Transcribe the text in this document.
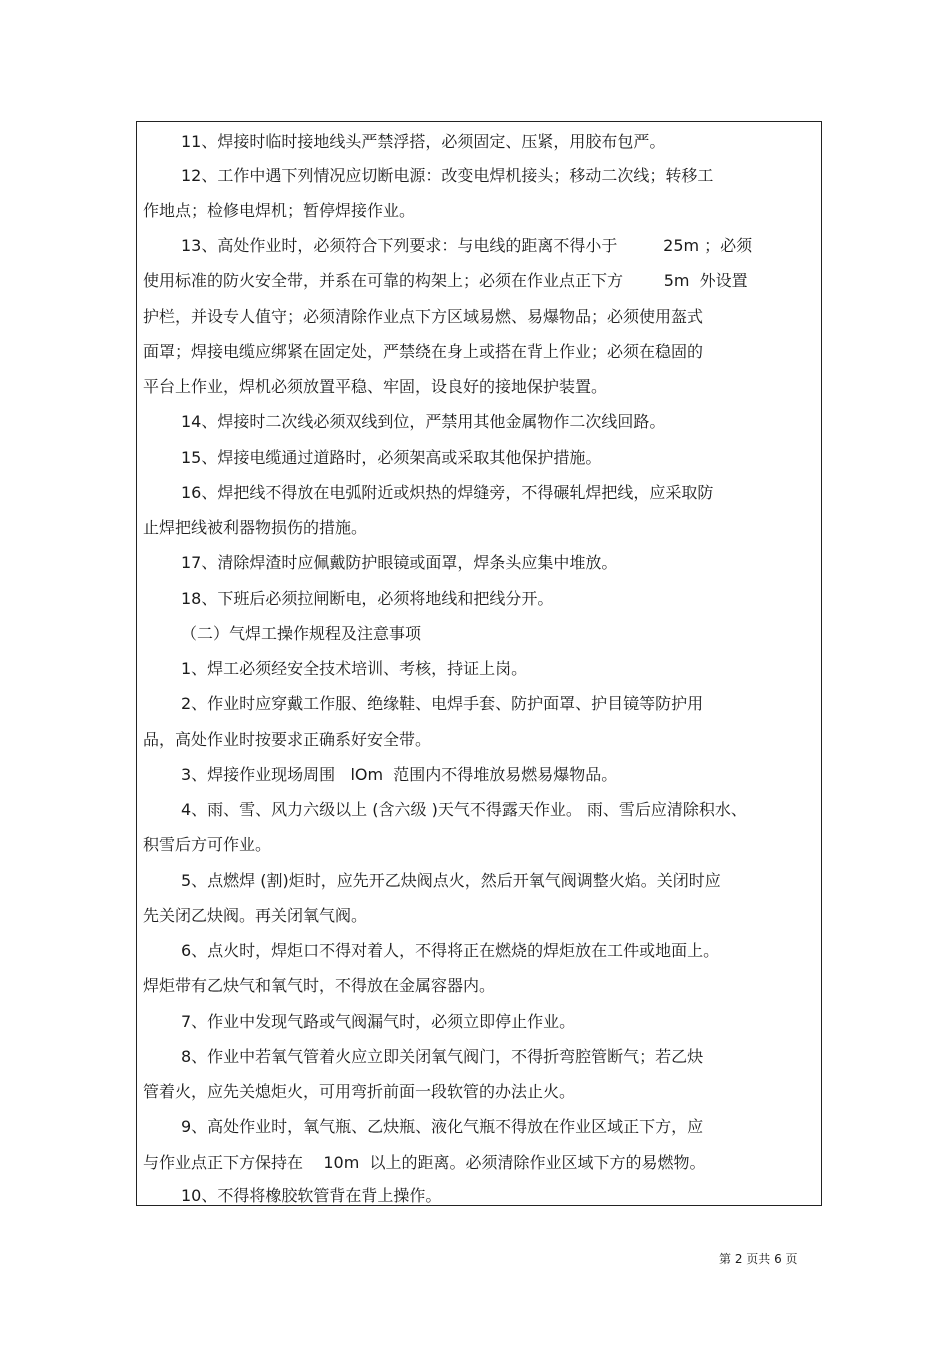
11、焊接时临时接地线头严禁浮搭，必须固定、压紧，用胶布包严。

12、工作中遇下列情况应切断电源：改变电焊机接头；移动二次线；转移工

作地点；检修电焊机；暂停焊接作业。

13、高处作业时，必须符合下列要求：与电线的距离不得小于         25m ；必须

使用标准的防火安全带，并系在可靠的构架上；必须在作业点正下方        5m  外设置

护栏，并设专人值守；必须清除作业点下方区域易燃、易爆物品；必须使用盔式

面罩；焊接电缆应绑紧在固定处，严禁绕在身上或搭在背上作业；必须在稳固的

平台上作业，焊机必须放置平稳、牢固，设良好的接地保护装置。

14、焊接时二次线必须双线到位，严禁用其他金属物作二次线回路。

15、焊接电缆通过道路时，必须架高或采取其他保护措施。

16、焊把线不得放在电弧附近或炽热的焊缝旁，不得碾轧焊把线，应采取防

止焊把线被利器物损伤的措施。

17、清除焊渣时应佩戴防护眼镜或面罩，焊条头应集中堆放。

18、下班后必须拉闸断电，必须将地线和把线分开。

（二）气焊工操作规程及注意事项

1、焊工必须经安全技术培训、考核，持证上岗。

2、作业时应穿戴工作服、绝缘鞋、电焊手套、防护面罩、护目镜等防护用

品，高处作业时按要求正确系好安全带。

3、焊接作业现场周围   lOm  范围内不得堆放易燃易爆物品。

4、雨、雪、风力六级以上 (含六级 )天气不得露天作业。 雨、雪后应清除积水、

积雪后方可作业。

5、点燃焊 (割)炬时，应先开乙炔阀点火，然后开氧气阀调整火焰。关闭时应

先关闭乙炔阀。再关闭氧气阀。

6、点火时，焊炬口不得对着人，不得将正在燃烧的焊炬放在工件或地面上。

焊炬带有乙炔气和氧气时，不得放在金属容器内。

7、作业中发现气路或气阀漏气时，必须立即停止作业。

8、作业中若氧气管着火应立即关闭氧气阀门，不得折弯腔管断气；若乙炔

管着火，应先关熄炬火，可用弯折前面一段软管的办法止火。

9、高处作业时，氧气瓶、乙炔瓶、液化气瓶不得放在作业区域正下方，应

与作业点正下方保持在    10m  以上的距离。必须清除作业区域下方的易燃物。

10、不得将橡胶软管背在背上操作。

第 2 页共 6 页
